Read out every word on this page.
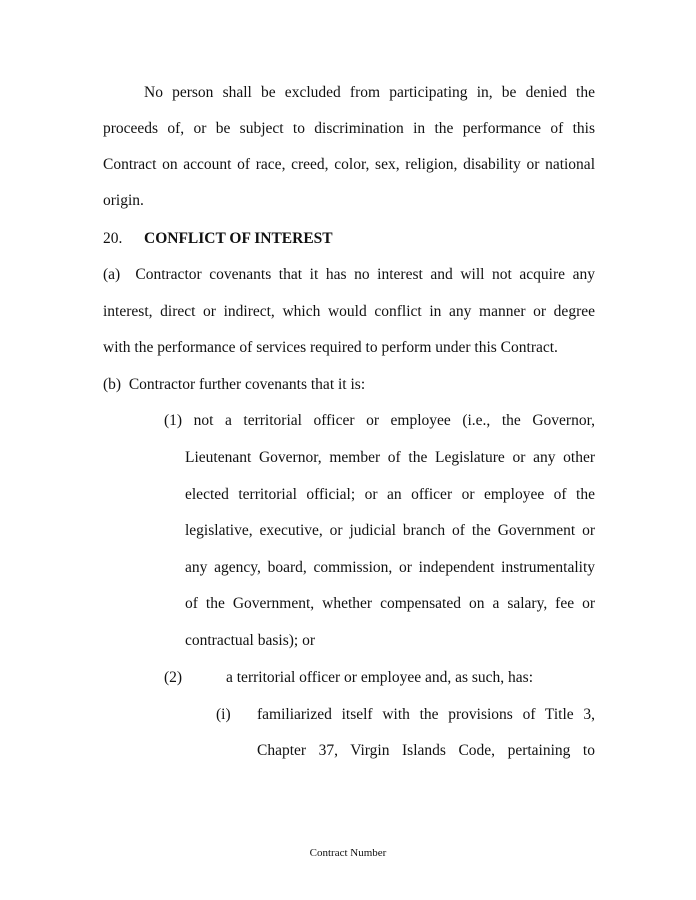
No person shall be excluded from participating in, be denied the
proceeds of, or be subject to discrimination in the performance of this
Contract on account of race, creed, color, sex, religion, disability or national
origin.
20. CONFLICT OF INTEREST
(a)  Contractor covenants that it has no interest and will not acquire any
interest, direct or indirect, which would conflict in any manner or degree
with the performance of services required to perform under this Contract.
(b)  Contractor further covenants that it is:
(1) not a territorial officer or employee (i.e., the Governor,
Lieutenant Governor, member of the Legislature or any other
elected territorial official; or an officer or employee of the
legislative, executive, or judicial branch of the Government or
any agency, board, commission, or independent instrumentality
of the Government, whether compensated on a salary, fee or
contractual basis); or
(2)	a territorial officer or employee and, as such, has:
(i) familiarized itself with the provisions of Title 3,
Chapter 37, Virgin Islands Code, pertaining to
Contract Number
